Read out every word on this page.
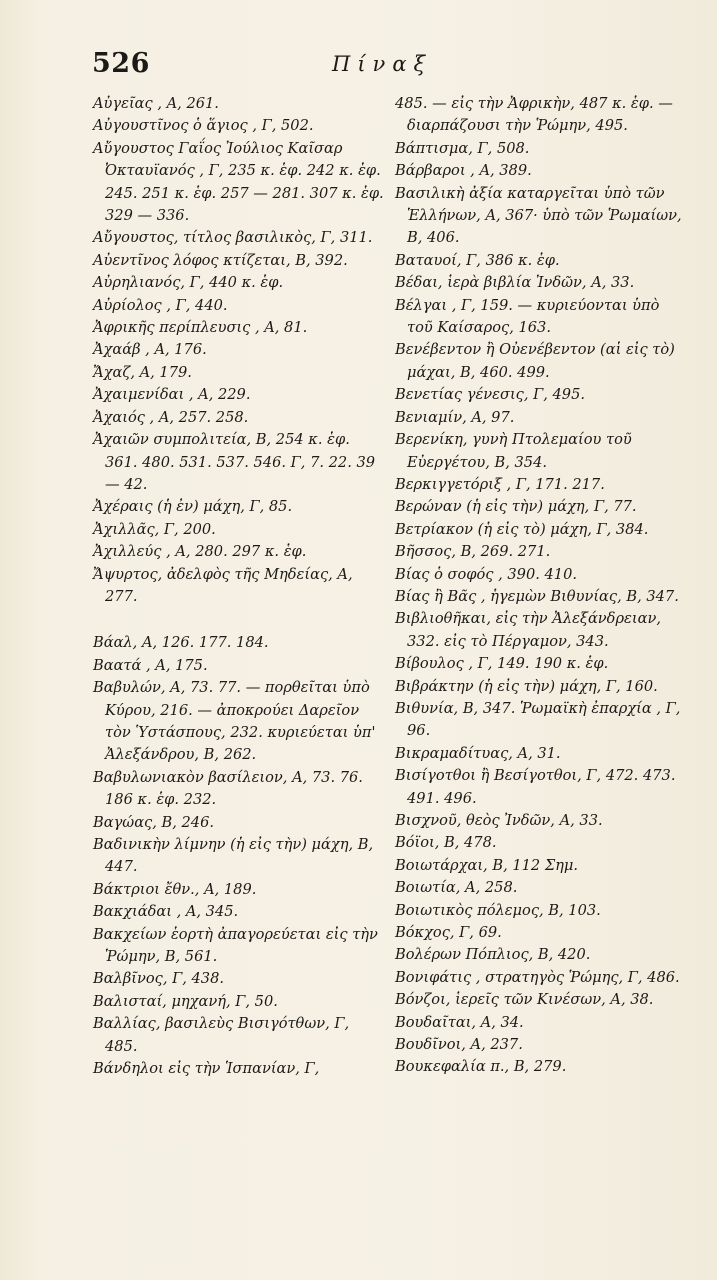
526	Πίναξ
Αὐγεῖας , Α, 261.
Αὐγουστῖνος ὁ ἅγιος , Γ, 502.
Αὔγουστος Γαΐος Ἰούλιος Καῖσαρ Ὀκταυϊανός , Γ, 235 κ. ἑφ. 242 κ. ἑφ. 245. 251 κ. ἑφ. 257 — 281. 307 κ. ἑφ. 329 — 336.
Αὔγουστος, τίτλος βασιλικὸς, Γ, 311.
Αὐεντῖνος λόφος κτίζεται, Β, 392.
Αὐρηλιανός, Γ, 440 κ. ἑφ.
Αὐρίολος , Γ, 440.
Ἀφρικῆς περίπλευσις , Α, 81.
Ἀχαάβ , Α, 176.
Ἄχαζ, Α, 179.
Ἀχαιμενίδαι , Α, 229.
Ἀχαιός , Α, 257. 258.
Ἀχαιῶν συμπολιτεία, Β, 254 κ. ἑφ. 361. 480. 531. 537. 546. Γ, 7. 22. 39 — 42.
Ἀχέραις (ἡ ἐν) μάχη, Γ, 85.
Ἀχιλλᾶς, Γ, 200.
Ἀχιλλεύς , Α, 280. 297 κ. ἑφ.
Ἄψυρτος, ἀδελφὸς τῆς Μηδείας, Α, 277.
Βάαλ, Α, 126. 177. 184.
Βαατά , Α, 175.
Βαβυλών, Α, 73. 77. — πορθεῖται ὑπὸ Κύρου, 216. — ἀποκρούει Δαρεῖον τὸν Ὑστάσπους, 232. κυριεύεται ὑπ' Ἀλεξάνδρου, Β, 262.
Βαβυλωνιακὸν βασίλειον, Α, 73. 76. 186 κ. ἑφ. 232.
Βαγώας, Β, 246.
Βαδινικὴν λίμνην (ἡ εἰς τὴν) μάχη, Β, 447.
Βάκτριοι ἔθν., Α, 189.
Βακχιάδαι , Α, 345.
Βακχείων ἑορτὴ ἀπαγορεύεται εἰς τὴν Ῥώμην, Β, 561.
Βαλβῖνος, Γ, 438.
Βαλισταί, μηχανή, Γ, 50.
Βαλλίας, βασιλεὺς Βισιγότθων, Γ, 485.
Βάνδηλοι εἰς τὴν Ἱσπανίαν, Γ,
485. — εἰς τὴν Ἀφρικὴν, 487 κ. ἑφ. — διαρπάζουσι τὴν Ῥώμην, 495.
Βάπτισμα, Γ, 508.
Βάρβαροι , Α, 389.
Βασιλικὴ ἀξία καταργεῖται ὑπὸ τῶν Ἑλλήνων, Α, 367· ὑπὸ τῶν Ῥωμαίων, Β, 406.
Βαταυοί, Γ, 386 κ. ἑφ.
Βέδαι, ἱερὰ βιβλία Ἰνδῶν, Α, 33.
Βέλγαι , Γ, 159. — κυριεύονται ὑπὸ τοῦ Καίσαρος, 163.
Βενέβεντον ἢ Οὐενέβεντον (αἱ εἰς τὸ) μάχαι, Β, 460. 499.
Βενετίας γένεσις, Γ, 495.
Βενιαμίν, Α, 97.
Βερενίκη, γυνὴ Πτολεμαίου τοῦ Εὐεργέτου, Β, 354.
Βερκιγγετόριξ , Γ, 171. 217.
Βερώναν (ἡ εἰς τὴν) μάχη, Γ, 77.
Βετρίακον (ἡ εἰς τὸ) μάχη, Γ, 384.
Βῆσσος, Β, 269. 271.
Βίας ὁ σοφός , 390. 410.
Βίας ἢ Βᾶς , ἡγεμὼν Βιθυνίας, Β, 347.
Βιβλιοθῆκαι, εἰς τὴν Ἀλεξάνδρειαν, 332. εἰς τὸ Πέργαμον, 343.
Βίβουλος , Γ, 149. 190 κ. ἑφ.
Βιβράκτην (ἡ εἰς τὴν) μάχη, Γ, 160.
Βιθυνία, Β, 347. Ῥωμαϊκὴ ἐπαρχία , Γ, 96.
Βικραμαδίτυας, Α, 31.
Βισίγοτθοι ἢ Βεσίγοτθοι, Γ, 472. 473. 491. 496.
Βισχνοῦ, θεὸς Ἰνδῶν, Α, 33.
Βόϊοι, Β, 478.
Βοιωτάρχαι, Β, 112 Σημ.
Βοιωτία, Α, 258.
Βοιωτικὸς πόλεμος, Β, 103.
Βόκχος, Γ, 69.
Βολέρων Πόπλιος, Β, 420.
Βονιφάτις , στρατηγὸς Ῥώμης, Γ, 486.
Βόνζοι, ἱερεῖς τῶν Κινέσων, Α, 38.
Βουδαῖται, Α, 34.
Βουδῖνοι, Α, 237.
Βουκεφαλία π., Β, 279.
